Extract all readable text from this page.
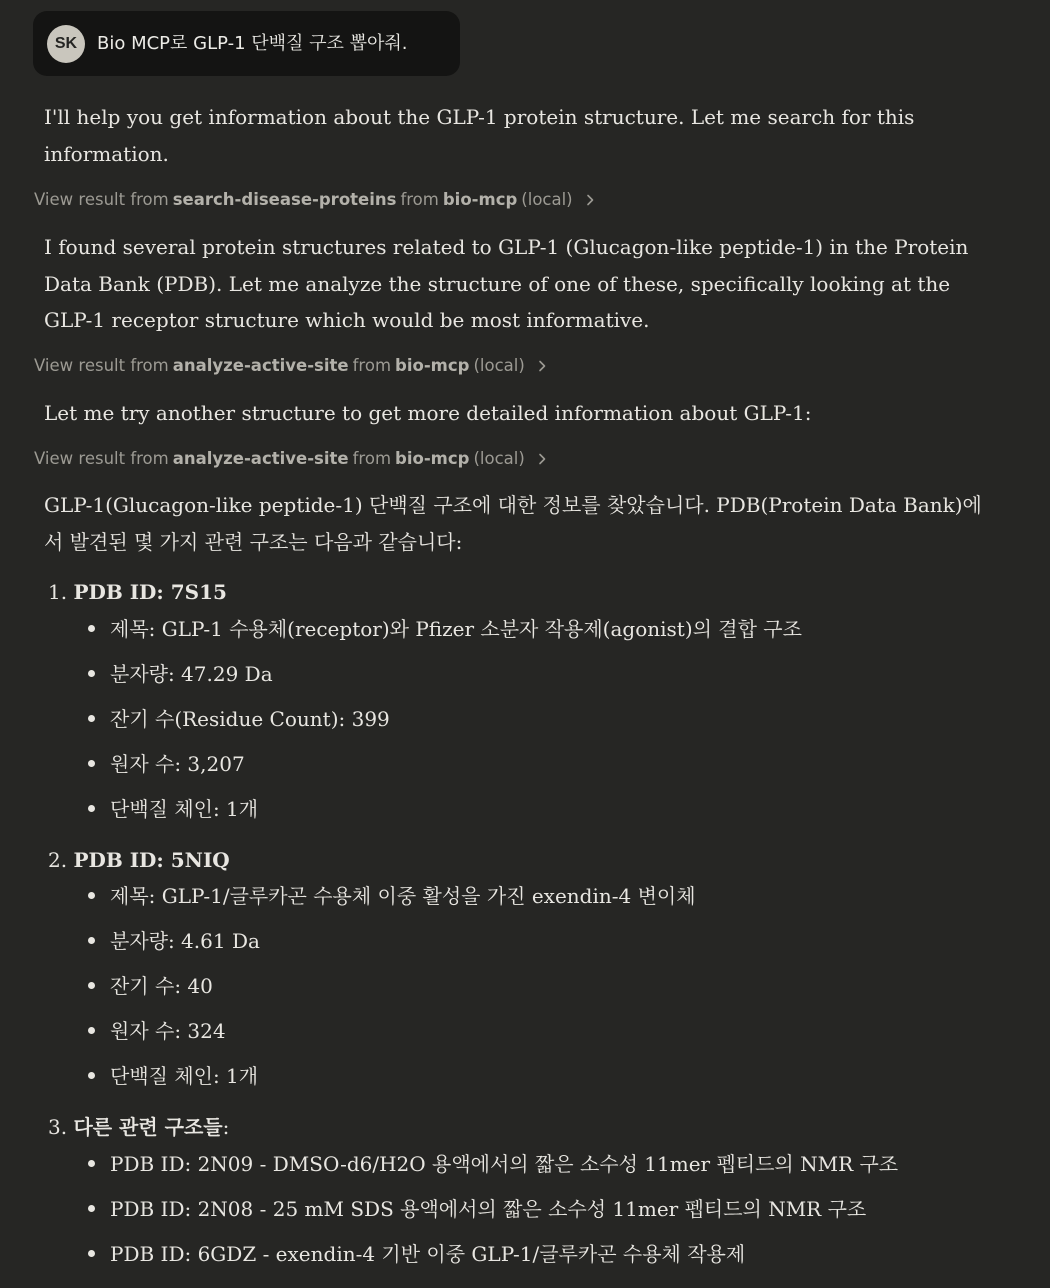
SK	Bio MCP로 GLP-1 단백질 구조 뽑아줘.

I'll help you get information about the GLP-1 protein structure. Let me search for this information.

View result from search-disease-proteins from bio-mcp (local)

I found several protein structures related to GLP-1 (Glucagon-like peptide-1) in the Protein Data Bank (PDB). Let me analyze the structure of one of these, specifically looking at the GLP-1 receptor structure which would be most informative.

View result from analyze-active-site from bio-mcp (local)

Let me try another structure to get more detailed information about GLP-1:

View result from analyze-active-site from bio-mcp (local)

GLP-1(Glucagon-like peptide-1) 단백질 구조에 대한 정보를 찾았습니다. PDB(Protein Data Bank)에서 발견된 몇 가지 관련 구조는 다음과 같습니다:

1. PDB ID: 7S15
제목: GLP-1 수용체(receptor)와 Pfizer 소분자 작용제(agonist)의 결합 구조
분자량: 47.29 Da
잔기 수(Residue Count): 399
원자 수: 3,207
단백질 체인: 1개
2. PDB ID: 5NIQ
제목: GLP-1/글루카곤 수용체 이중 활성을 가진 exendin-4 변이체
분자량: 4.61 Da
잔기 수: 40
원자 수: 324
단백질 체인: 1개
3. 다른 관련 구조들:
PDB ID: 2N09 - DMSO-d6/H2O 용액에서의 짧은 소수성 11mer 펩티드의 NMR 구조
PDB ID: 2N08 - 25 mM SDS 용액에서의 짧은 소수성 11mer 펩티드의 NMR 구조
PDB ID: 6GDZ - exendin-4 기반 이중 GLP-1/글루카곤 수용체 작용제
